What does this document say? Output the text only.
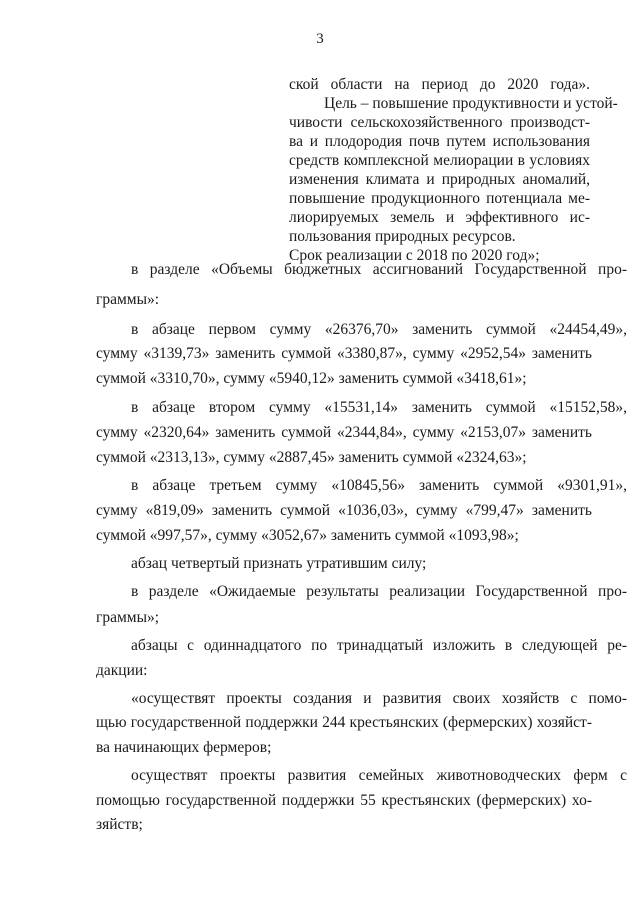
3
ской области на период до 2020 года».
Цель – повышение продуктивности и устой-
чивости сельскохозяйственного производст-
ва и плодородия почв путем использования
средств комплексной мелиорации в условиях
изменения климата и природных аномалий,
повышение продукционного потенциала ме-
лиорируемых земель и эффективного ис-
пользования природных ресурсов.
Срок реализации с 2018 по 2020 год»;
в разделе «Объемы бюджетных ассигнований Государственной про-
граммы»:
в абзаце первом сумму «26376,70» заменить суммой «24454,49»,
сумму «3139,73» заменить суммой «3380,87», сумму «2952,54» заменить
суммой «3310,70», сумму «5940,12» заменить суммой «3418,61»;
в абзаце втором сумму «15531,14» заменить суммой «15152,58»,
сумму «2320,64» заменить суммой «2344,84», сумму «2153,07» заменить
суммой «2313,13», сумму «2887,45» заменить суммой «2324,63»;
в абзаце третьем сумму «10845,56» заменить суммой «9301,91»,
сумму «819,09» заменить суммой «1036,03», сумму «799,47» заменить
суммой «997,57», сумму «3052,67» заменить суммой «1093,98»;
абзац четвертый признать утратившим силу;
в разделе «Ожидаемые результаты реализации Государственной про-
граммы»;
абзацы с одиннадцатого по тринадцатый изложить в следующей ре-
дакции:
«осуществят проекты создания и развития своих хозяйств с помо-
щью государственной поддержки 244 крестьянских (фермерских) хозяйст-
ва начинающих фермеров;
осуществят проекты развития семейных животноводческих ферм с
помощью государственной поддержки 55 крестьянских (фермерских) хо-
зяйств;
